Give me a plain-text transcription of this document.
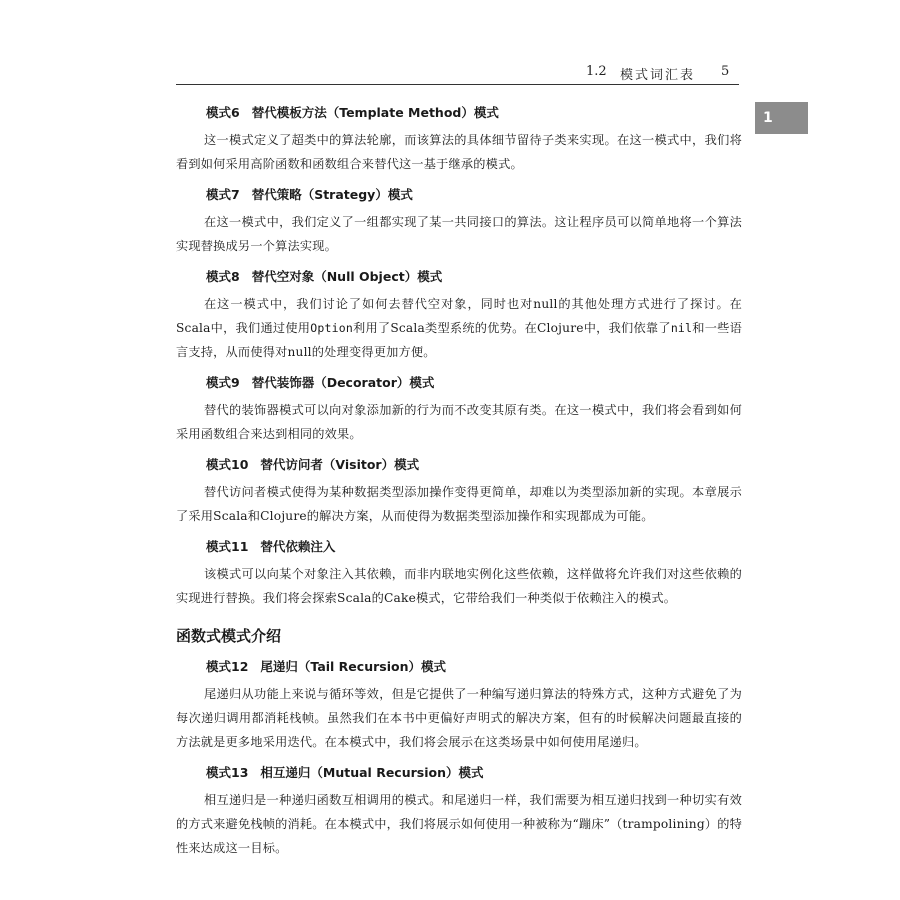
1.2 模式词汇表 5
1
模式6 替代模板方法（Template Method）模式

这一模式定义了超类中的算法轮廓，而该算法的具体细节留待子类来实现。在这一模式中，我们将看到如何采用高阶函数和函数组合来替代这一基于继承的模式。

模式7 替代策略（Strategy）模式

在这一模式中，我们定义了一组都实现了某一共同接口的算法。这让程序员可以简单地将一个算法实现替换成另一个算法实现。

模式8 替代空对象（Null Object）模式

在这一模式中，我们讨论了如何去替代空对象，同时也对null的其他处理方式进行了探讨。在Scala中，我们通过使用Option利用了Scala类型系统的优势。在Clojure中，我们依靠了nil和一些语言支持，从而使得对null的处理变得更加方便。

模式9 替代装饰器（Decorator）模式

替代的装饰器模式可以向对象添加新的行为而不改变其原有类。在这一模式中，我们将会看到如何采用函数组合来达到相同的效果。

模式10 替代访问者（Visitor）模式

替代访问者模式使得为某种数据类型添加操作变得更简单，却难以为类型添加新的实现。本章展示了采用Scala和Clojure的解决方案，从而使得为数据类型添加操作和实现都成为可能。

模式11 替代依赖注入

该模式可以向某个对象注入其依赖，而非内联地实例化这些依赖，这样做将允许我们对这些依赖的实现进行替换。我们将会探索Scala的Cake模式，它带给我们一种类似于依赖注入的模式。

函数式模式介绍
模式12 尾递归（Tail Recursion）模式

尾递归从功能上来说与循环等效，但是它提供了一种编写递归算法的特殊方式，这种方式避免了为每次递归调用都消耗栈帧。虽然我们在本书中更偏好声明式的解决方案，但有的时候解决问题最直接的方法就是更多地采用迭代。在本模式中，我们将会展示在这类场景中如何使用尾递归。

模式13 相互递归（Mutual Recursion）模式

相互递归是一种递归函数互相调用的模式。和尾递归一样，我们需要为相互递归找到一种切实有效的方式来避免栈帧的消耗。在本模式中，我们将展示如何使用一种被称为“蹦床”（trampolining）的特性来达成这一目标。
